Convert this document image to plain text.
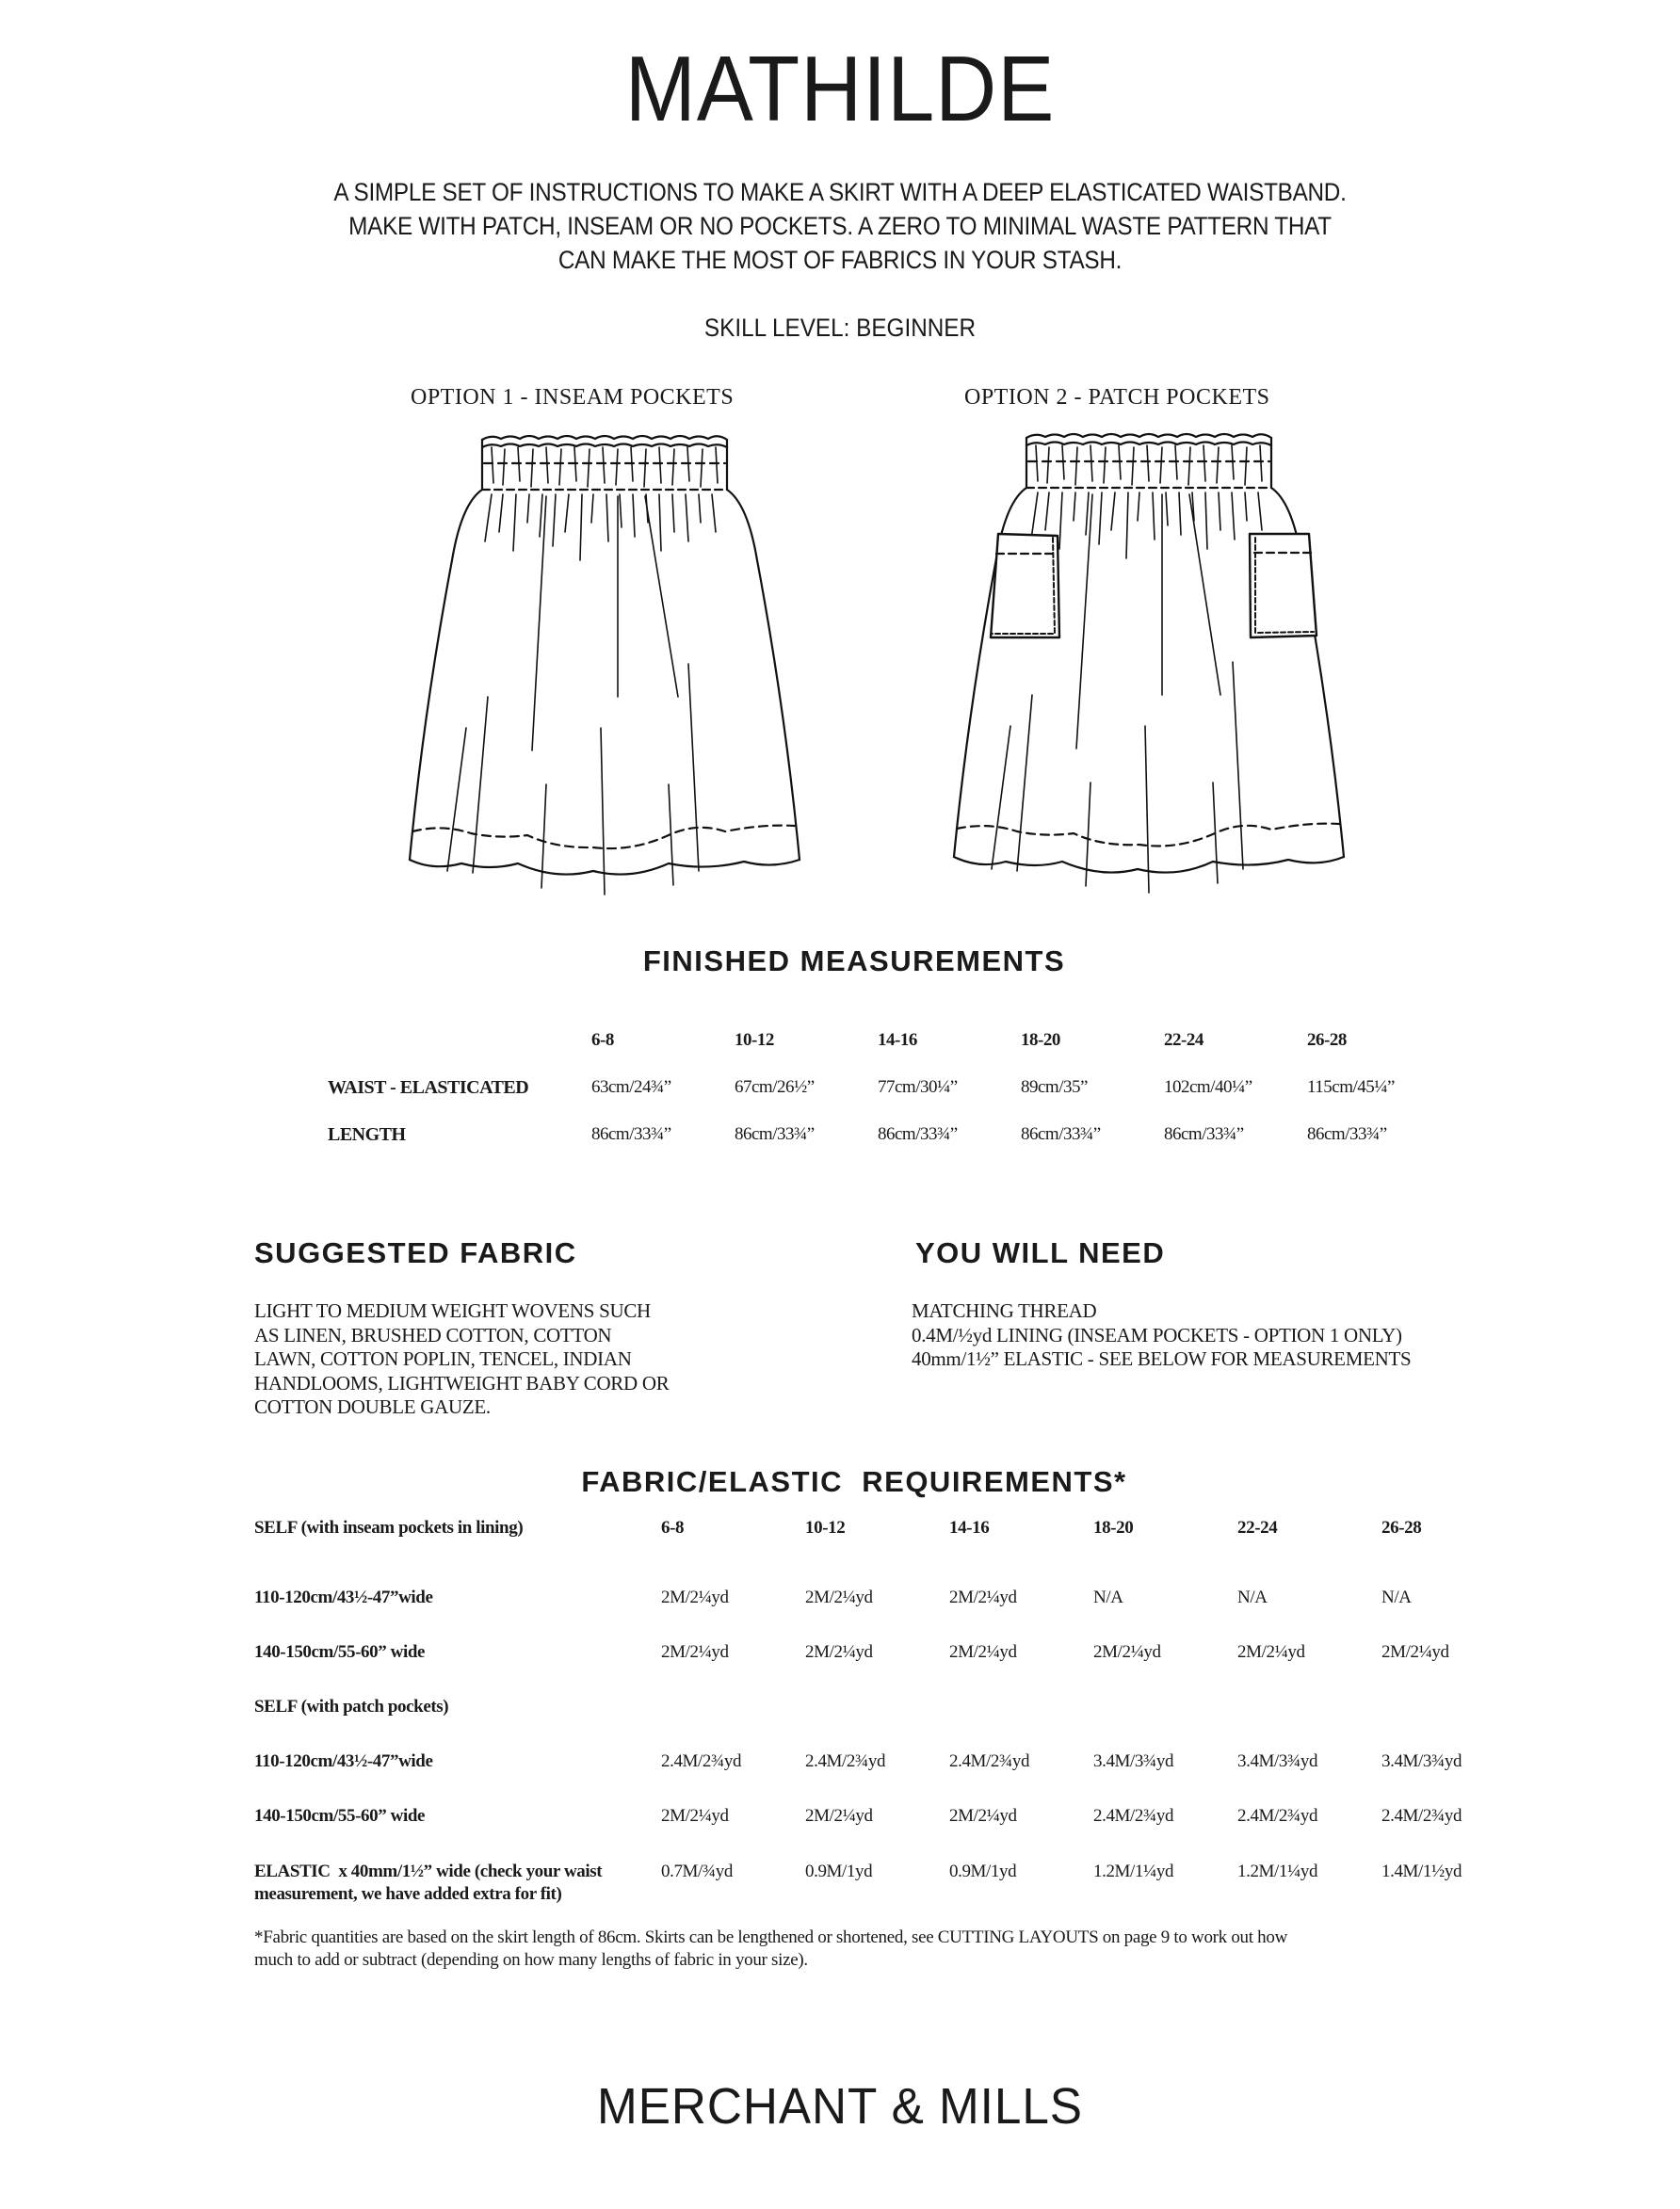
MATHILDE
A SIMPLE SET OF INSTRUCTIONS TO MAKE A SKIRT WITH A DEEP ELASTICATED WAISTBAND.
MAKE WITH PATCH, INSEAM OR NO POCKETS. A ZERO TO MINIMAL WASTE PATTERN THAT
CAN MAKE THE MOST OF FABRICS IN YOUR STASH.
SKILL LEVEL: BEGINNER
OPTION 1 - INSEAM POCKETS	OPTION 2 - PATCH POCKETS
FINISHED MEASUREMENTS
	6-8	10-12	14-16	18-20	22-24	26-28
WAIST - ELASTICATED	63cm/24¾”	67cm/26½”	77cm/30¼”	89cm/35”	102cm/40¼”	115cm/45¼”
LENGTH	86cm/33¾”	86cm/33¾”	86cm/33¾”	86cm/33¾”	86cm/33¾”	86cm/33¾”
SUGGESTED FABRIC	YOU WILL NEED
LIGHT TO MEDIUM WEIGHT WOVENS SUCH
AS LINEN, BRUSHED COTTON, COTTON
LAWN, COTTON POPLIN, TENCEL, INDIAN
HANDLOOMS, LIGHTWEIGHT BABY CORD OR
COTTON DOUBLE GAUZE.
MATCHING THREAD
0.4M/½yd LINING (INSEAM POCKETS - OPTION 1 ONLY)
40mm/1½” ELASTIC - SEE BELOW FOR MEASUREMENTS
FABRIC/ELASTIC  REQUIREMENTS*
SELF (with inseam pockets in lining)	6-8	10-12	14-16	18-20	22-24	26-28
110-120cm/43½-47”wide	2M/2¼yd	2M/2¼yd	2M/2¼yd	N/A	N/A	N/A
140-150cm/55-60” wide	2M/2¼yd	2M/2¼yd	2M/2¼yd	2M/2¼yd	2M/2¼yd	2M/2¼yd
SELF (with patch pockets)						
110-120cm/43½-47”wide	2.4M/2¾yd	2.4M/2¾yd	2.4M/2¾yd	3.4M/3¾yd	3.4M/3¾yd	3.4M/3¾yd
140-150cm/55-60” wide	2M/2¼yd	2M/2¼yd	2M/2¼yd	2.4M/2¾yd	2.4M/2¾yd	2.4M/2¾yd

ELASTIC  x 40mm/1½” wide (check your waist
measurement, we have added extra for fit)	0.7M/¾yd	0.9M/1yd	0.9M/1yd	1.2M/1¼yd	1.2M/1¼yd	1.4M/1½yd
*Fabric quantities are based on the skirt length of 86cm. Skirts can be lengthened or shortened, see CUTTING LAYOUTS on page 9 to work out how
much to add or subtract (depending on how many lengths of fabric in your size).
MERCHANT & MILLS
